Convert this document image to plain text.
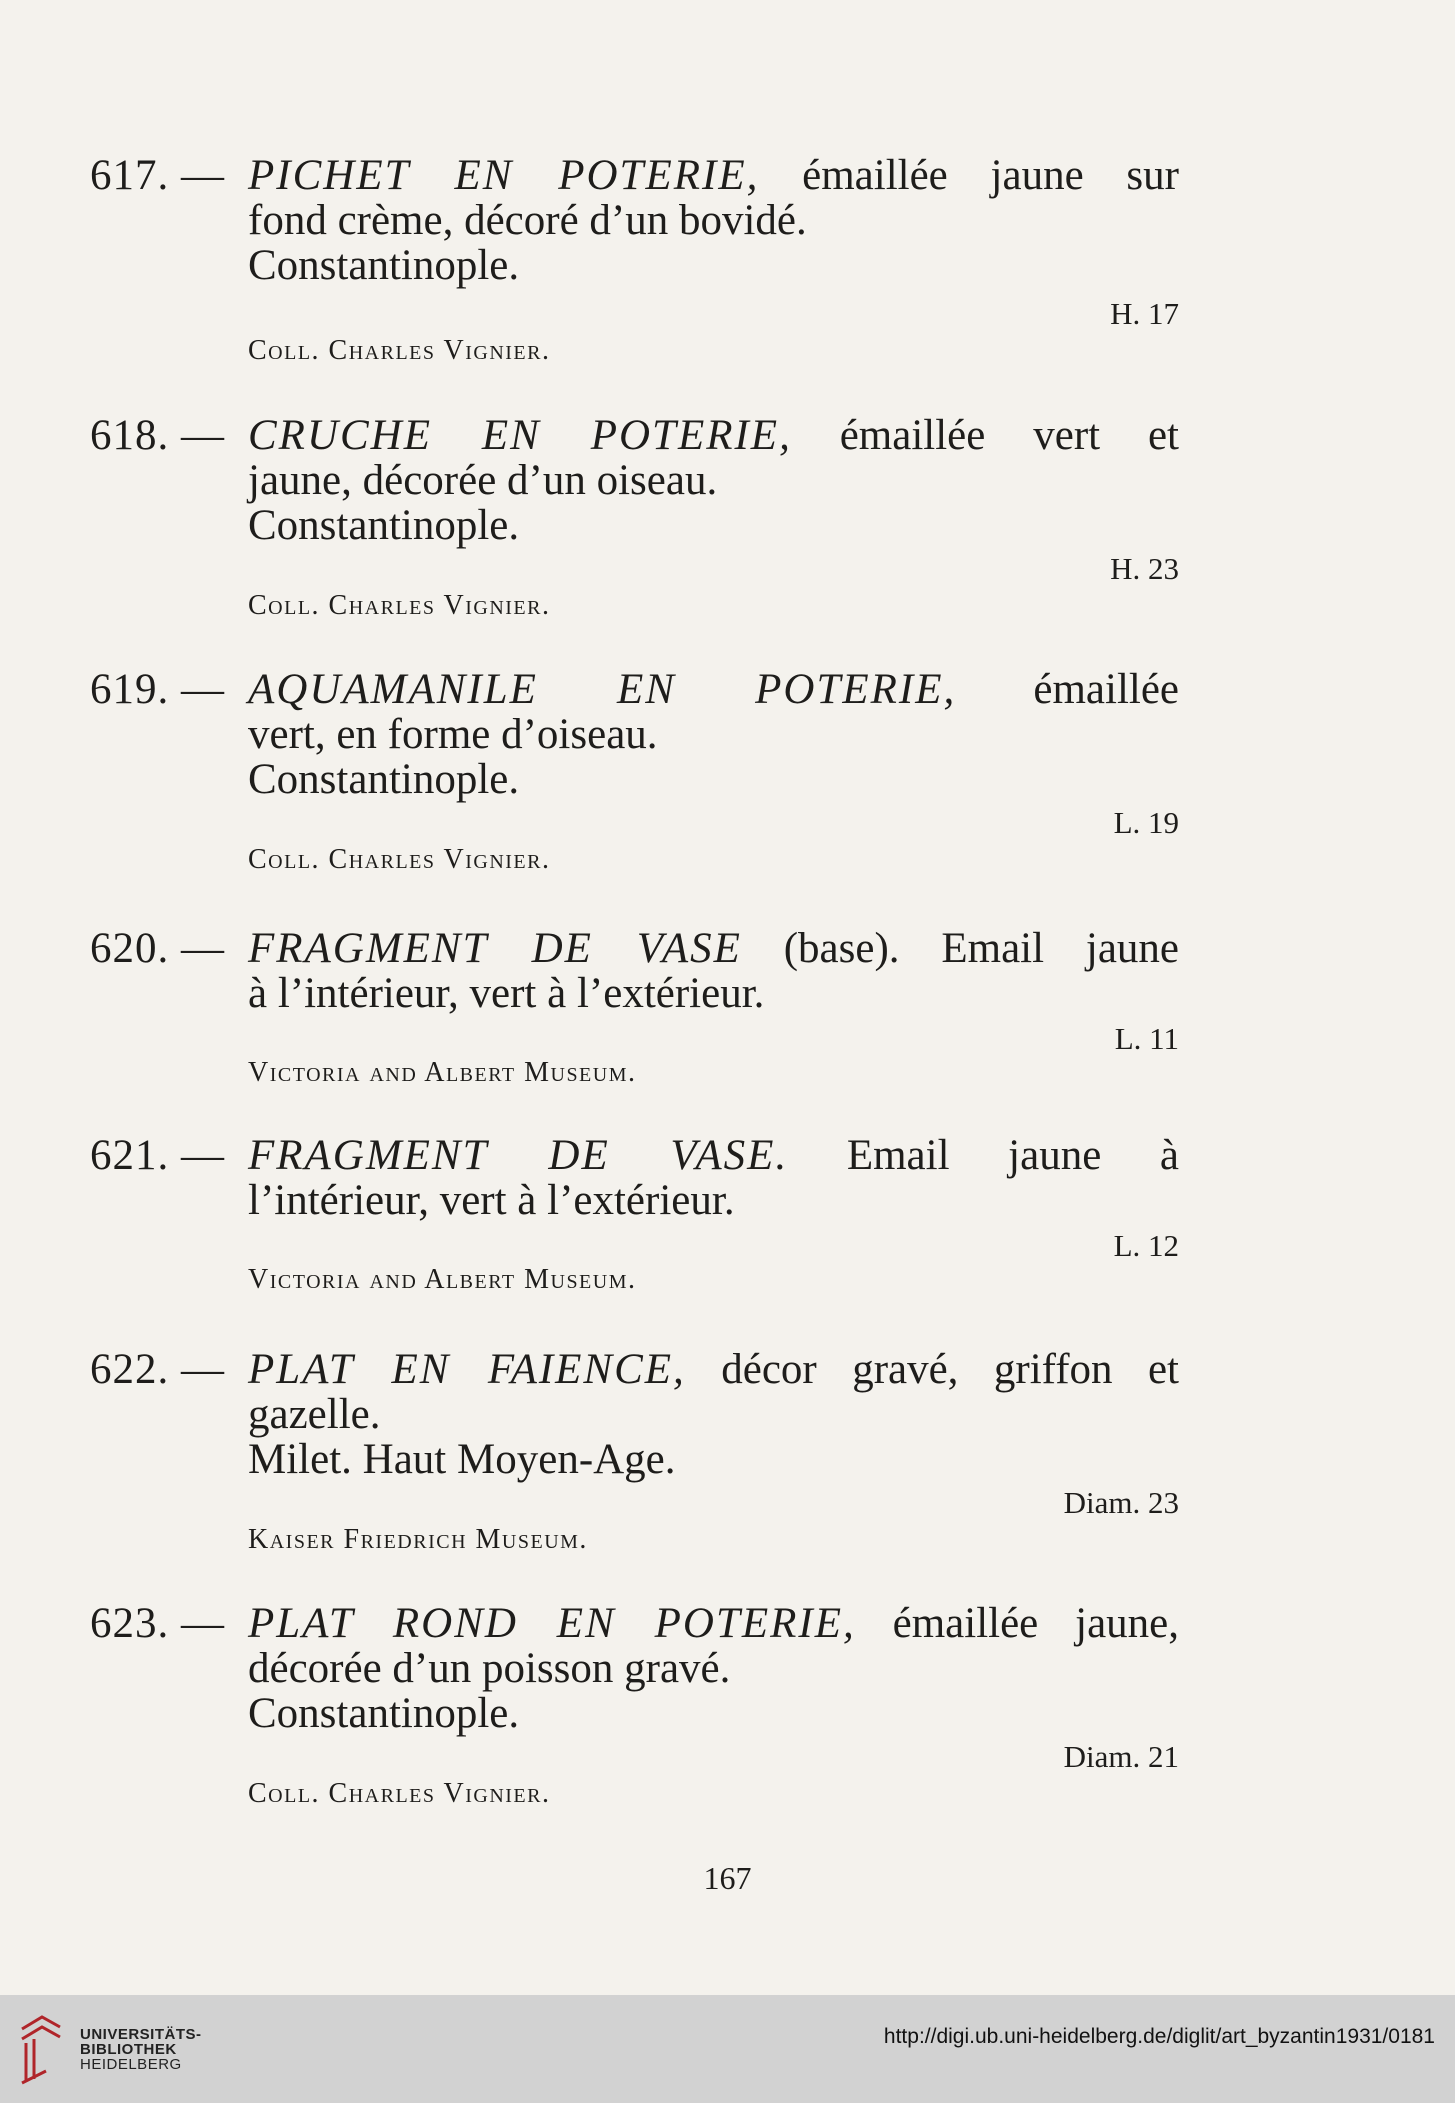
617. — PICHET EN POTERIE, émaillée jaune sur
fond crème, décoré d’un bovidé.
Constantinople.
H. 17
Coll. Charles Vignier.
618. — CRUCHE EN POTERIE, émaillée vert et
jaune, décorée d’un oiseau.
Constantinople.
H. 23
Coll. Charles Vignier.
619. — AQUAMANILE EN POTERIE, émaillée
vert, en forme d’oiseau.
Constantinople.
L. 19
Coll. Charles Vignier.
620. — FRAGMENT DE VASE (base). Email jaune
à l’intérieur, vert à l’extérieur.
L. 11
Victoria and Albert Museum.
621. — FRAGMENT DE VASE. Email jaune à
l’intérieur, vert à l’extérieur.
L. 12
Victoria and Albert Museum.
622. — PLAT EN FAIENCE, décor gravé, griffon et
gazelle.
Milet. Haut Moyen-Age.
Diam. 23
Kaiser Friedrich Museum.
623. — PLAT ROND EN POTERIE, émaillée jaune,
décorée d’un poisson gravé.
Constantinople.
Diam. 21
Coll. Charles Vignier.
167
UNIVERSITÄTS-
BIBLIOTHEK
HEIDELBERG
http://digi.ub.uni-heidelberg.de/diglit/art_byzantin1931/0181
